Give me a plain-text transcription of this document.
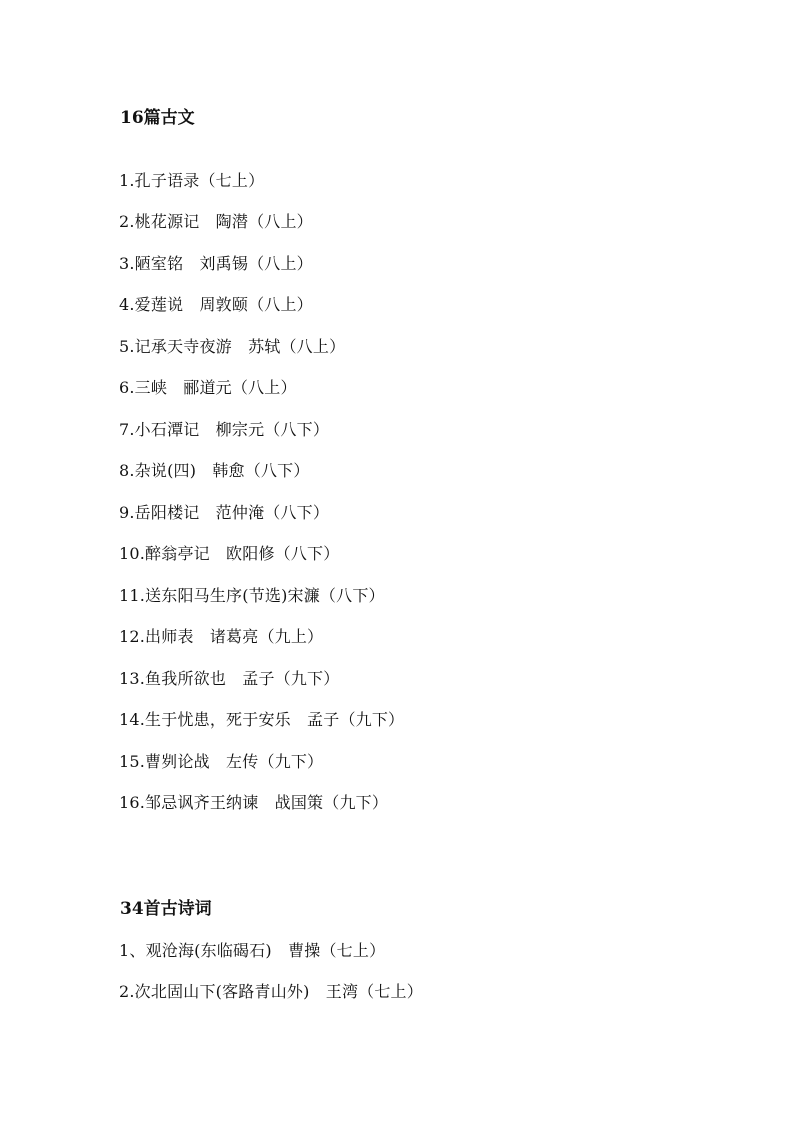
16篇古文
1.孔子语录（七上）
2.桃花源记　陶潜（八上）
3.陋室铭　刘禹锡（八上）
4.爱莲说　周敦颐（八上）
5.记承天寺夜游　苏轼（八上）
6.三峡　郦道元（八上）
7.小石潭记　柳宗元（八下）
8.杂说(四)　韩愈（八下）
9.岳阳楼记　范仲淹（八下）
10.醉翁亭记　欧阳修（八下）
11.送东阳马生序(节选)宋濂（八下）
12.出师表　诸葛亮（九上）
13.鱼我所欲也　孟子（九下）
14.生于忧患，死于安乐　孟子（九下）
15.曹刿论战　左传（九下）
16.邹忌讽齐王纳谏　战国策（九下）
34首古诗词
1、观沧海(东临碣石)　曹操（七上）
2.次北固山下(客路青山外)　王湾（七上）
